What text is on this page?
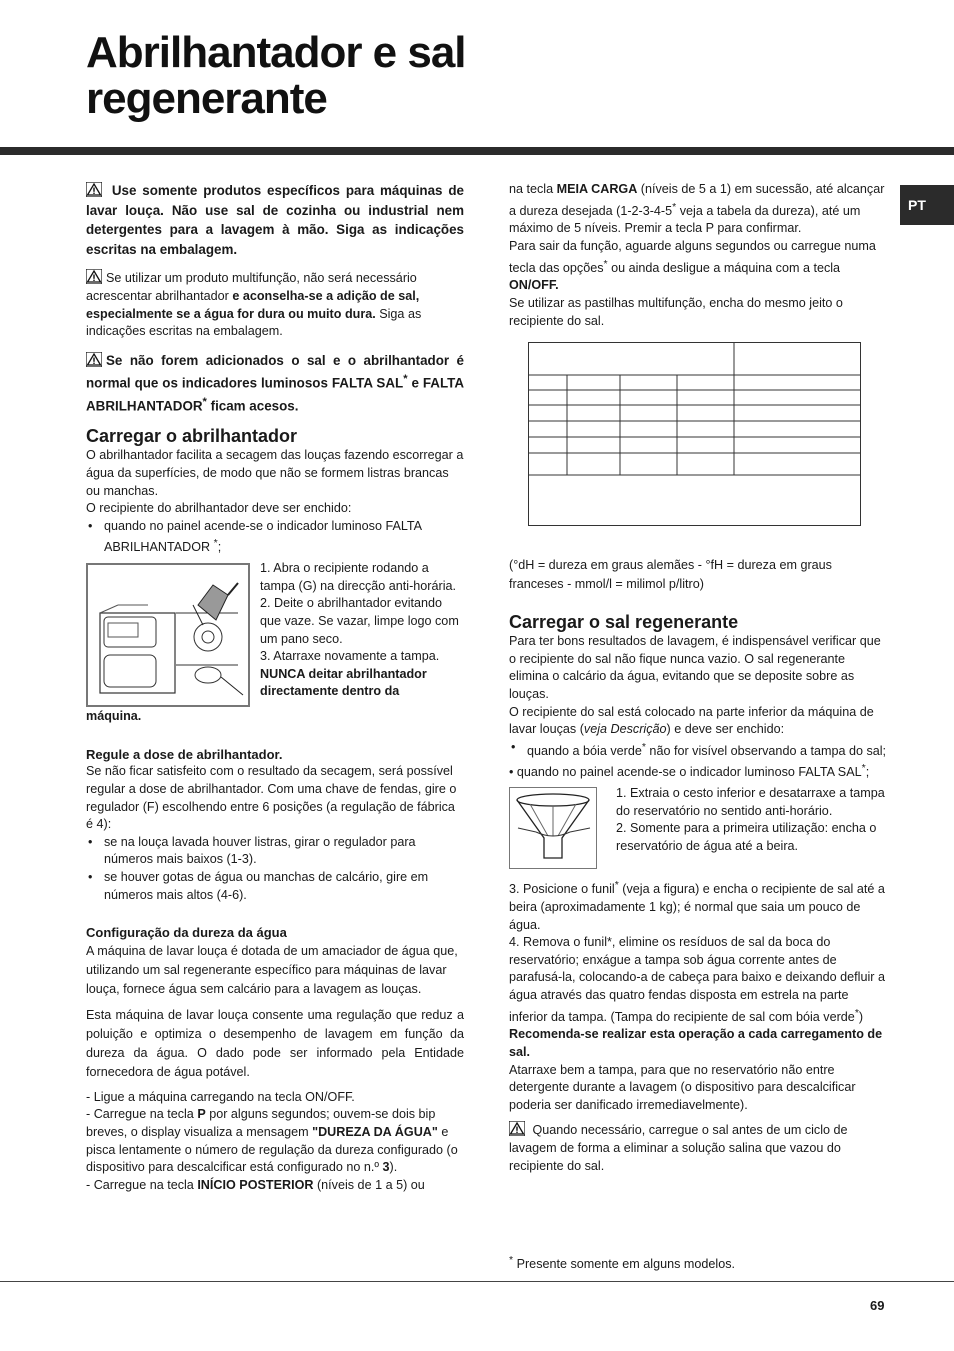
Abrilhantador e sal regenerante
PT

Use somente produtos específicos para máquinas de lavar louça. Não use sal de cozinha ou industrial nem detergentes para a lavagem à mão. Siga as indicações escritas na embalagem.

Se utilizar um produto multifunção, não será necessário acrescentar abrilhantador e aconselha-se a adição de sal, especialmente se a água for dura ou muito dura. Siga as indicações escritas na embalagem.

Se não forem adicionados o sal e o abrilhantador é normal que os indicadores luminosos FALTA SAL* e FALTA ABRILHANTADOR* ficam acesos.

Carregar o abrilhantador

O abrilhantador facilita a secagem das louças fazendo escorregar a água da superfícies, de modo que não se formem listras brancas ou manchas.

O recipiente do abrilhantador deve ser enchido:

• quando no painel acende-se o indicador luminoso FALTA ABRILHANTADOR *;

1. Abra o recipiente rodando a tampa (G) na direcção anti-horária.

2. Deite o abrilhantador evitando que vaze. Se vazar, limpe logo com um pano seco.

3. Atarraxe novamente a tampa.

NUNCA deitar abrilhantador directamente dentro da

máquina.

Regule a dose de abrilhantador.

Se não ficar satisfeito com o resultado da secagem, será possível regular a dose de abrilhantador. Com uma chave de fendas, gire o regulador (F) escolhendo entre 6 posições (a regulação de fábrica é 4):

• se na louça lavada houver listras, girar o regulador para números mais baixos (1-3).
• se houver gotas de água ou manchas de calcário, gire em números mais altos (4-6).
Configuração da dureza da água

A máquina de lavar louça é dotada de um amaciador de água que, utilizando um sal regenerante específico para máquinas de lavar louça, fornece água sem calcário para a lavagem as louças.

Esta máquina de lavar louça consente uma regulação que reduz a poluição e optimiza o desempenho de lavagem em função da dureza da água. O dado pode ser informado pela Entidade fornecedora de água potável.

- Ligue a máquina carregando na tecla ON/OFF.

- Carregue na tecla P por alguns segundos; ouvem-se dois bip breves, o display visualiza a mensagem "DUREZA DA ÁGUA" e pisca lentamente o número de regulação da dureza configurado (o dispositivo para descalcificar está configurado no n.º 3).

- Carregue na tecla INÍCIO POSTERIOR (níveis de 1 a 5) ou

na tecla MEIA CARGA (níveis de 5 a 1) em sucessão, até alcançar a dureza desejada (1-2-3-4-5* veja a tabela da dureza), até um máximo de 5 níveis. Premir a tecla P para confirmar.

Para sair da função, aguarde alguns segundos ou carregue numa tecla das opções* ou ainda desligue a máquina com a tecla ON/OFF.

Se utilizar as pastilhas multifunção, encha do mesmo jeito o recipiente do sal.

(°dH = dureza em graus alemães - °fH = dureza em graus franceses - mmol/l = milimol p/litro)

Carregar o sal regenerante

Para ter bons resultados de lavagem, é indispensável verificar que o recipiente do sal não fique nunca vazio. O sal regenerante elimina o calcário da água, evitando que se deposite sobre as louças.

O recipiente do sal está colocado na parte inferior da máquina de lavar louças (veja Descrição) e deve ser enchido:

• quando a bóia verde* não for visível observando a tampa do sal;

• quando no painel acende-se o indicador luminoso FALTA SAL*;

1. Extraia o cesto inferior e desatarraxe a tampa do reservatório no sentido anti-horário.

2. Somente para a primeira utilização: encha o reservatório de água até a beira.

3. Posicione o funil* (veja a figura) e encha o recipiente de sal até a beira (aproximadamente 1 kg); é normal que saia um pouco de água.

4. Remova o funil*, elimine os resíduos de sal da boca do reservatório; enxágue a tampa sob água corrente antes de parafusá-la, colocando-a de cabeça para baixo e deixando defluir a água através das quatro fendas disposta em estrela na parte inferior da tampa. (Tampa do recipiente de sal com bóia verde*)

Recomenda-se realizar esta operação a cada carregamento de sal.

Atarraxe bem a tampa, para que no reservatório não entre detergente durante a lavagem (o dispositivo para descalcificar poderia ser danificado irremediavelmente).

Quando necessário, carregue o sal antes de um ciclo de lavagem de forma a eliminar a solução salina que vazou do recipiente do sal.

* Presente somente em alguns modelos.
69
